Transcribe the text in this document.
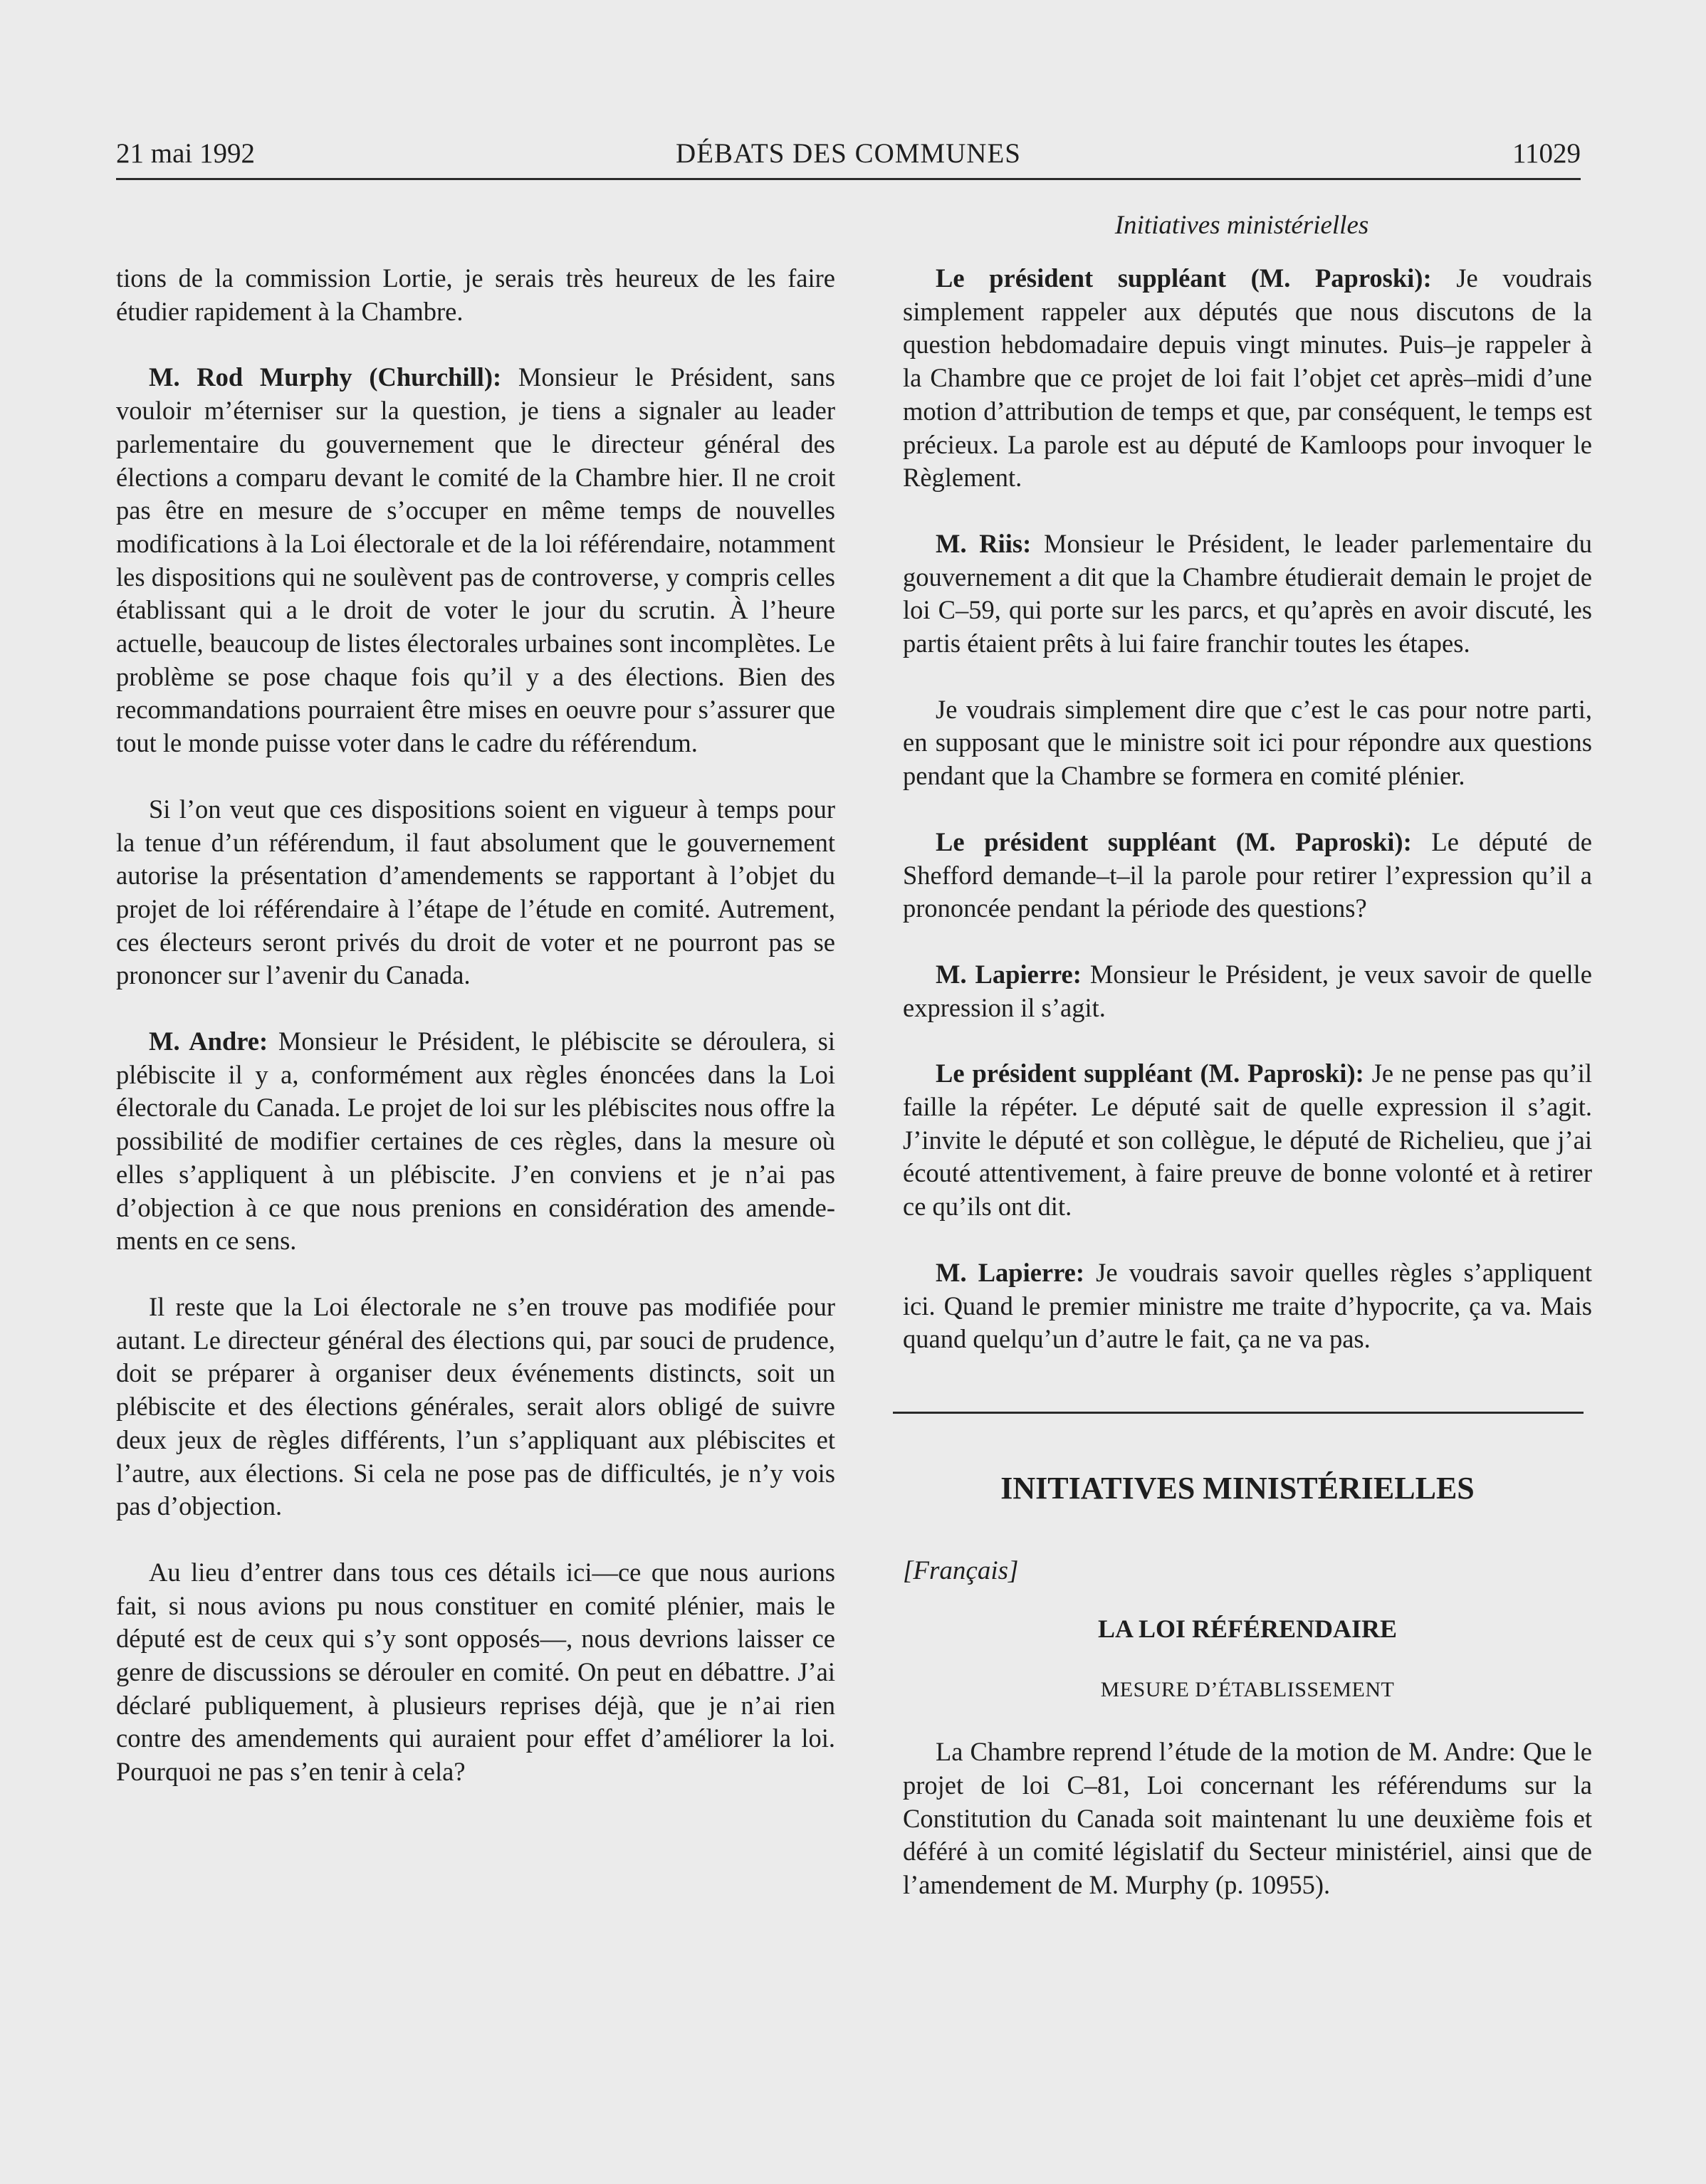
21 mai 1992	DÉBATS DES COMMUNES	11029
Initiatives ministérielles

tions de la commission Lortie, je serais très heureux de les faire étudier rapidement à la Chambre.

M. Rod Murphy (Churchill): Monsieur le Président, sans vouloir m’éterniser sur la question, je tiens a signaler au leader parlementaire du gouvernement que le directeur général des élections a comparu devant le comité de la Chambre hier. Il ne croit pas être en mesure de s’occuper en même temps de nouvelles modifications à la Loi électorale et de la loi référendaire, notamment les dispositions qui ne soulèvent pas de controverse, y compris celles établissant qui a le droit de voter le jour du scrutin. À l’heure actuelle, beaucoup de listes électorales urbaines sont incomplètes. Le problème se pose chaque fois qu’il y a des élections. Bien des recommandations pourraient être mises en oeuvre pour s’assurer que tout le monde puisse voter dans le cadre du référendum.

Si l’on veut que ces dispositions soient en vigueur à temps pour la tenue d’un référendum, il faut absolument que le gouvernement autorise la présentation d’amendements se rapportant à l’objet du projet de loi référendaire à l’étape de l’étude en comité. Autrement, ces électeurs seront privés du droit de voter et ne pourront pas se prononcer sur l’avenir du Canada.

M. Andre: Monsieur le Président, le plébiscite se déroulera, si plébiscite il y a, conformément aux règles énoncées dans la Loi électorale du Canada. Le projet de loi sur les plébiscites nous offre la possibilité de modifier certaines de ces règles, dans la mesure où elles s’appliquent à un plébiscite. J’en conviens et je n’ai pas d’objection à ce que nous prenions en considération des amendements en ce sens.

Il reste que la Loi électorale ne s’en trouve pas modifiée pour autant. Le directeur général des élections qui, par souci de prudence, doit se préparer à organiser deux événements distincts, soit un plébiscite et des élections générales, serait alors obligé de suivre deux jeux de règles différents, l’un s’appliquant aux plébiscites et l’autre, aux élections. Si cela ne pose pas de difficultés, je n’y vois pas d’objection.

Au lieu d’entrer dans tous ces détails ici—ce que nous aurions fait, si nous avions pu nous constituer en comité plénier, mais le député est de ceux qui s’y sont opposés—, nous devrions laisser ce genre de discussions se dérouler en comité. On peut en débattre. J’ai déclaré publiquement, à plusieurs reprises déjà, que je n’ai rien contre des amendements qui auraient pour effet d’améliorer la loi. Pourquoi ne pas s’en tenir à cela?

Le président suppléant (M. Paproski): Je voudrais simplement rappeler aux députés que nous discutons de la question hebdomadaire depuis vingt minutes. Puis–je rappeler à la Chambre que ce projet de loi fait l’objet cet après–midi d’une motion d’attribution de temps et que, par conséquent, le temps est précieux. La parole est au député de Kamloops pour invoquer le Règlement.

M. Riis: Monsieur le Président, le leader parlementaire du gouvernement a dit que la Chambre étudierait demain le projet de loi C–59, qui porte sur les parcs, et qu’après en avoir discuté, les partis étaient prêts à lui faire franchir toutes les étapes.

Je voudrais simplement dire que c’est le cas pour notre parti, en supposant que le ministre soit ici pour répondre aux questions pendant que la Chambre se formera en comité plénier.

Le président suppléant (M. Paproski): Le député de Shefford demande–t–il la parole pour retirer l’expression qu’il a prononcée pendant la période des questions?

M. Lapierre: Monsieur le Président, je veux savoir de quelle expression il s’agit.

Le président suppléant (M. Paproski): Je ne pense pas qu’il faille la répéter. Le député sait de quelle expression il s’agit. J’invite le député et son collègue, le député de Richelieu, que j’ai écouté attentivement, à faire preuve de bonne volonté et à retirer ce qu’ils ont dit.

M. Lapierre: Je voudrais savoir quelles règles s’appliquent ici. Quand le premier ministre me traite d’hypocrite, ça va. Mais quand quelqu’un d’autre le fait, ça ne va pas.

INITIATIVES MINISTÉRIELLES
[Français]
LA LOI RÉFÉRENDAIRE
MESURE D’ÉTABLISSEMENT

La Chambre reprend l’étude de la motion de M. Andre: Que le projet de loi C–81, Loi concernant les référendums sur la Constitution du Canada soit maintenant lu une deuxième fois et déféré à un comité législatif du Secteur ministériel, ainsi que de l’amendement de M. Murphy (p. 10955).
